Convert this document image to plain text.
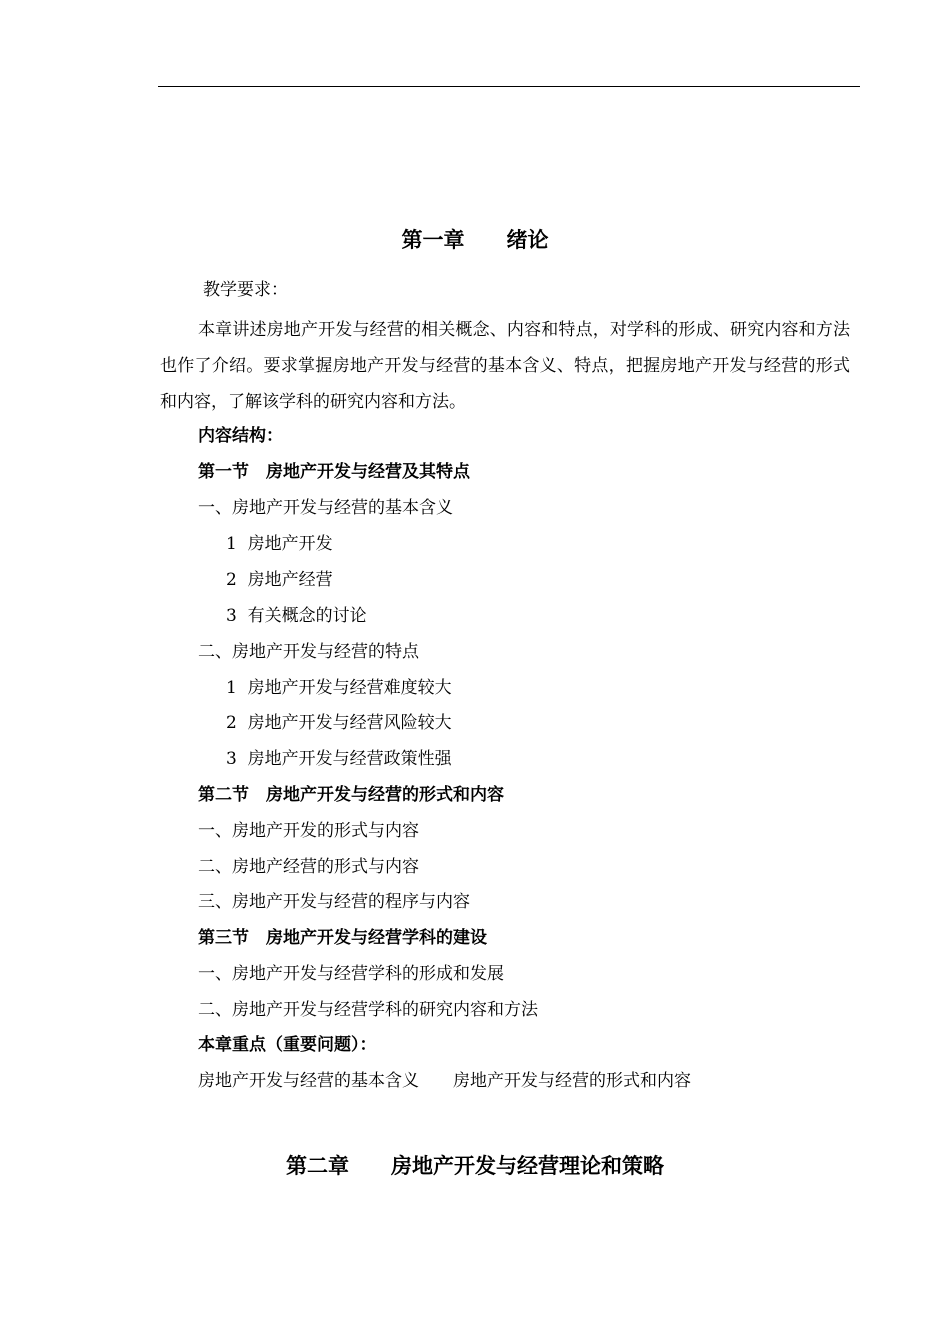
第一章　　绪论
教学要求：
本章讲述房地产开发与经营的相关概念、内容和特点，对学科的形成、研究内容和方法也作了介绍。要求掌握房地产开发与经营的基本含义、特点，把握房地产开发与经营的形式和内容，了解该学科的研究内容和方法。
内容结构：
第一节　房地产开发与经营及其特点
一、房地产开发与经营的基本含义
1  房地产开发
2  房地产经营
3  有关概念的讨论
二、房地产开发与经营的特点
1  房地产开发与经营难度较大
2  房地产开发与经营风险较大
3  房地产开发与经营政策性强
第二节　房地产开发与经营的形式和内容
一、房地产开发的形式与内容
二、房地产经营的形式与内容
三、房地产开发与经营的程序与内容
第三节　房地产开发与经营学科的建设
一、房地产开发与经营学科的形成和发展
二、房地产开发与经营学科的研究内容和方法
本章重点（重要问题）：
房地产开发与经营的基本含义　　房地产开发与经营的形式和内容
第二章　　房地产开发与经营理论和策略
